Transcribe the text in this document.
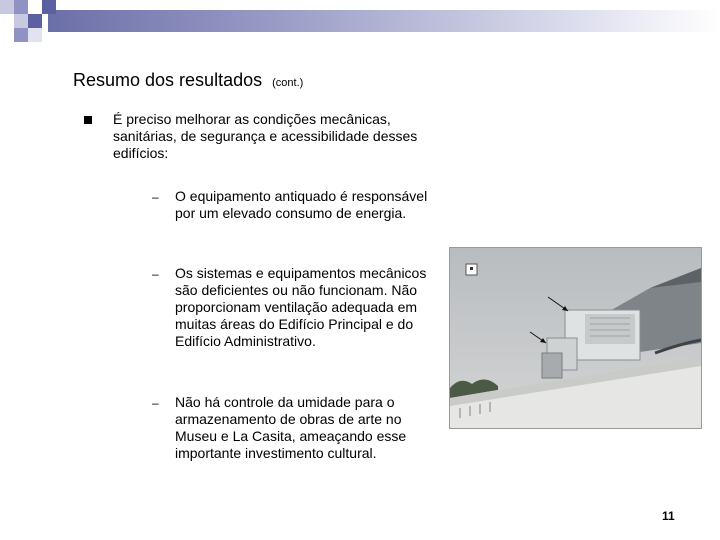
Resumo dos resultados (cont.)
É preciso melhorar as condições mecânicas, sanitárias, de segurança e acessibilidade desses edifícios:
– O equipamento antiquado é responsável por um elevado consumo de energia.
– Os sistemas e equipamentos mecânicos são deficientes ou não funcionam. Não proporcionam ventilação adequada em muitas áreas do Edifício Principal e do Edifício Administrativo.
– Não há controle da umidade para o armazenamento de obras de arte no Museu e La Casita, ameaçando esse importante investimento cultural.
11
